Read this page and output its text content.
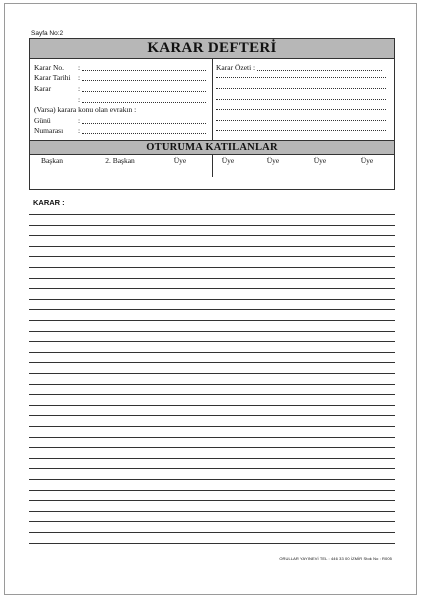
Sayfa No:2
KARAR DEFTERİ
Karar No.	:
Karar Tarihi :
Karar	:
:
(Varsa) karara konu olan evrakın :
Günü	:
Numarası	:
Karar Özeti :
OTURUMA KATILANLAR
Başkan	2. Başkan	Üye	Üye	Üye	Üye	Üye
KARAR :
ORULLAR YAYINEVİ TEL : 446 33 00 İZMİR Stok No : R005
